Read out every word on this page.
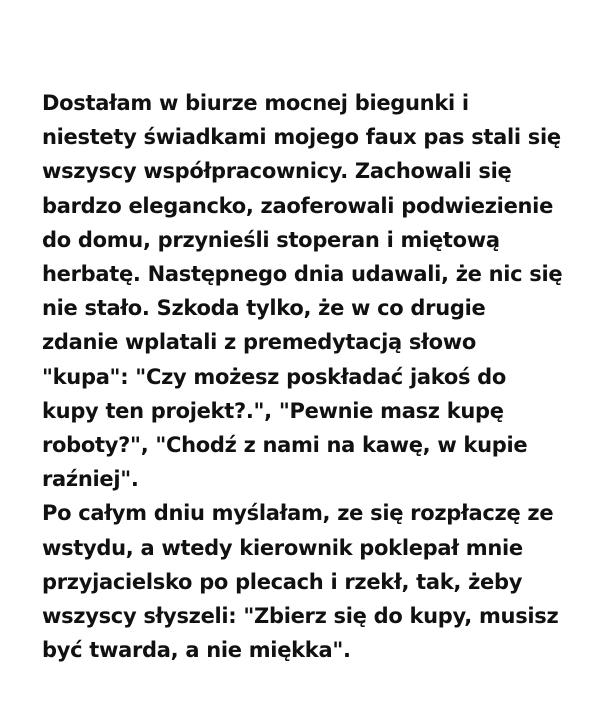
Dostałam w biurze mocnej biegunki i
niestety świadkami mojego faux pas stali się
wszyscy współpracownicy. Zachowali się
bardzo elegancko, zaoferowali podwiezienie
do domu, przynieśli stoperan i miętową
herbatę. Następnego dnia udawali, że nic się
nie stało. Szkoda tylko, że w co drugie
zdanie wplatali z premedytacją słowo
"kupa": "Czy możesz poskładać jakoś do
kupy ten projekt?.", "Pewnie masz kupę
roboty?", "Chodź z nami na kawę, w kupie
raźniej".
Po całym dniu myślałam, ze się rozpłaczę ze
wstydu, a wtedy kierownik poklepał mnie
przyjacielsko po plecach i rzekł, tak, żeby
wszyscy słyszeli: "Zbierz się do kupy, musisz
być twarda, a nie miękka".
